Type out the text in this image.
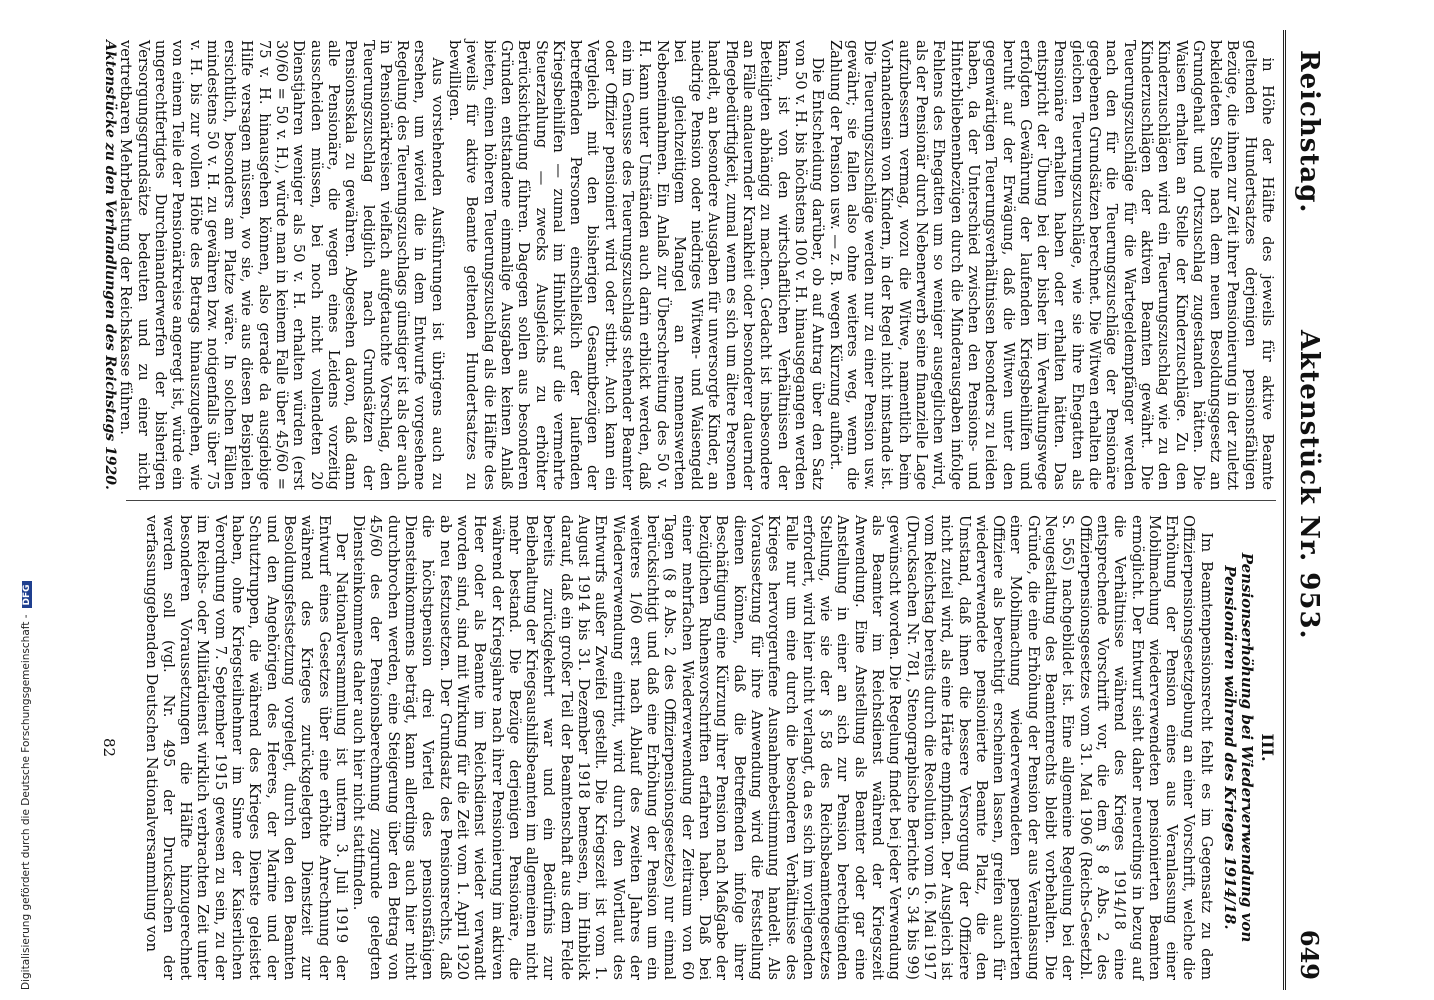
Digitalisierung gefördert durch die Deutsche Forschungsgemeinschaft -DFG
Reichstag.
Aktenstück Nr. 953.
649

in Höhe der Hälfte des jeweils für aktive Beamte geltenden Hundertsatzes derjenigen pensionsfähigen Bezüge, die ihnen zur Zeit ihrer Pensionierung in der zuletzt bekleideten Stelle nach dem neuen Besoldungsgesetz an Grundgehalt und Ortszuschlag zugestanden hätten. Die Waisen erhalten an Stelle der Kinderzuschläge. Zu den Kinderzuschlägen wird ein Teuerungszuschlag wie zu den Kinderzuschlägen der aktiven Beamten gewährt. Die Teuerungszuschläge für die Wartegeldempfänger werden nach den für die Teuerungszuschläge der Pensionäre gegebenen Grundsätzen berechnet. Die Witwen erhalten die gleichen Teuerungszuschläge, wie sie ihre Ehegatten als Pensionäre erhalten haben oder erhalten hätten. Das entspricht der Übung bei der bisher im Verwaltungswege erfolgten Gewährung der laufenden Kriegsbeihilfen und beruht auf der Erwägung, daß die Witwen unter den gegenwärtigen Teuerungsverhältnissen besonders zu leiden haben, da der Unterschied zwischen den Pensions- und Hinterbliebenenbezügen durch die Minderausgaben infolge Fehlens des Ehegatten um so weniger ausgeglichen wird, als der Pensionär durch Nebenerwerb seine finanzielle Lage aufzubessern vermag, wozu die Witwe, namentlich beim Vorhandensein von Kindern, in der Regel nicht imstande ist. Die Teuerungszuschläge werden nur zu einer Pension usw. gewährt; sie fallen also ohne weiteres weg, wenn die Zahlung der Pension usw. — z. B. wegen Kürzung aufhört.

Die Entscheidung darüber, ob auf Antrag über den Satz von 50 v. H. bis höchstens 100 v. H. hinausgegangen werden kann, ist von den wirtschaftlichen Verhältnissen der Beteiligten abhängig zu machen. Gedacht ist insbesondere an Fälle andauernder Krankheit oder besonderer dauernder Pflegebedürftigkeit, zumal wenn es sich um ältere Personen handelt, an besondere Ausgaben für unversorgte Kinder, an niedrige Pension oder niedriges Witwen- und Waisengeld bei gleichzeitigem Mangel an nennenswerten Nebeneinnahmen. Ein Anlaß zur Überschreitung des 50 v. H. kann unter Umständen auch darin erblickt werden, daß ein im Genusse des Teuerungszuschlags stehender Beamter oder Offizier pensioniert wird oder stirbt. Auch kann ein Vergleich mit den bisherigen Gesamtbezügen der betreffenden Personen einschließlich der laufenden Kriegsbeihilfen — zumal im Hinblick auf die vermehrte Steuerzahlung — zwecks Ausgleichs zu erhöhter Berücksichtigung führen. Dagegen sollen aus besonderen Gründen entstandene einmalige Ausgaben keinen Anlaß bieten, einen höheren Teuerungszuschlag als die Hälfte des jeweils für aktive Beamte geltenden Hundertsatzes zu bewilligen.

Aus vorstehenden Ausführungen ist übrigens auch zu ersehen, um wieviel die in dem Entwurfe vorgesehene Regelung des Teuerungszuschlags günstiger ist als der auch in Pensionärkreisen vielfach aufgetauchte Vorschlag, den Teuerungszuschlag lediglich nach Grundsätzen der Pensionsskala zu gewähren. Abgesehen davon, daß dann alle Pensionäre, die wegen eines Leidens vorzeitig ausscheiden müssen, bei noch nicht vollendeten 20 Dienstjahren weniger als 50 v. H. erhalten würden (erst 30/60 = 50 v. H.), würde man in keinem Falle über 45/60 = 75 v. H. hinausgehen können, also gerade da ausgiebige Hilfe versagen müssen, wo sie, wie aus diesen Beispielen ersichtlich, besonders am Platze wäre. In solchen Fällen mindestens 50 v. H. zu gewähren bzw. notigenfalls über 75 v. H. bis zur vollen Höhe des Betrags hinauszugehen, wie von einem Teile der Pensionärkreise angeregt ist, würde ein ungerechtfertigtes Durcheinanderwerfen der bisherigen Versorgungsgrundsätze bedeuten und zu einer nicht vertretbaren Mehrbelastung der Reichskasse führen.

III.
Pensionserhöhung bei Wiederverwendung von Pensionären während des Krieges 1914/18.

Im Beamtenpensionsrecht fehlt es im Gegensatz zu dem Offizierpensionsgesetzgebung an einer Vorschrift, welche die Erhöhung der Pension eines aus Veranlassung einer Mobilmachung wiederverwendeten pensionierten Beamten ermöglicht. Der Entwurf sieht daher neuerdings in bezug auf die Verhältnisse während des Krieges 1914/18 eine entsprechende Vorschrift vor, die dem § 8 Abs. 2 des Offizierpensionsgesetzes vom 31. Mai 1906 (Reichs-Gesetzbl. S. 565) nachgebildet ist. Eine allgemeine Regelung bei der Neugestaltung des Beamtenrechts bleibt vorbehalten. Die Gründe, die eine Erhöhung der Pension der aus Veranlassung einer Mobilmachung wiederverwendeten pensionierten Offiziere als berechtigt erscheinen lassen, greifen auch für wiederverwendete pensionierte Beamte Platz, die den Umstand, daß ihnen die bessere Versorgung der Offiziere nicht zuteil wird, als eine Härte empfinden. Der Ausgleich ist vom Reichstag bereits durch die Resolution vom 16. Mai 1917 (Drucksachen Nr. 781, Stenographische Berichte S. 34 bis 99) gewünscht worden. Die Regelung findet bei jeder Verwendung als Beamter im Reichsdienst während der Kriegszeit Anwendung. Eine Anstellung als Beamter oder gar eine Anstellung in einer an sich zur Pension berechtigenden Stellung, wie sie der § 58 des Reichsbeamtengesetzes erfordert, wird hier nicht verlangt, da es sich im vorliegenden Falle nur um eine durch die besonderen Verhältnisse des Krieges hervorgerufene Ausnahmebestimmung handelt. Als Voraussetzung für ihre Anwendung wird die Feststellung dienen können, daß die Betreffenden infolge ihrer Beschäftigung eine Kürzung ihrer Pension nach Maßgabe der bezüglichen Ruhensvorschriften erfahren haben. Daß bei einer mehrfachen Wiederverwendung der Zeitraum von 60 Tagen (§ 8 Abs. 2 des Offizierpensionsgesetzes) nur einmal berücksichtigt und daß eine Erhöhung der Pension um ein weiteres 1/60 erst nach Ablauf des zweiten Jahres der Wiederverwendung eintritt, wird durch den Wortlaut des Entwurfs außer Zweifel gestellt. Die Kriegszeit ist vom 1. August 1914 bis 31. Dezember 1918 bemessen, im Hinblick darauf, daß ein großer Teil der Beamtenschaft aus dem Felde bereits zurückgekehrt war und ein Bedürfnis zur Beibehaltung der Kriegsaushilfsbeamten im allgemeinen nicht mehr bestand. Die Bezüge derjenigen Pensionäre, die während der Kriegsjahre nach ihrer Pensionierung im aktiven Heer oder als Beamte im Reichsdienst wieder verwandt worden sind, sind mit Wirkung für die Zeit vom 1. April 1920 ab neu festzusetzen. Der Grundsatz des Pensionsrechts, daß die höchstpension drei Viertel des pensionsfähigen Diensteinkommens beträgt, kann allerdings auch hier nicht durchbrochen werden, eine Steigerung über den Betrag von 45/60 des der Pensionsberechnung zugrunde gelegten Diensteinkommens daher auch hier nicht stattfinden.

Der Nationalversammlung ist unterm 3. Juli 1919 der Entwurf eines Gesetzes über eine erhöhte Anrechnung der während des Krieges zurückgelegten Dienstzeit zur Besoldungsfestsetzung vorgelegt, durch den den Beamten und den Angehörigen des Heeres, der Marine und der Schutztruppen, die während des Krieges Dienste geleistet haben, ohne Kriegsteilnehmer im Sinne der Kaiserlichen Verordnung vom 7. September 1915 gewesen zu sein, zu der im Reichs- oder Militärdienst wirklich verbrachten Zeit unter besonderen Voraussetzungen die Hälfte hinzugerechnet werden soll (vgl. Nr. 495 der Drucksachen der verfassunggebenden Deutschen Nationalversammlung von

Aktenstücke zu den Verhandlungen des Reichstags 1920.
82
